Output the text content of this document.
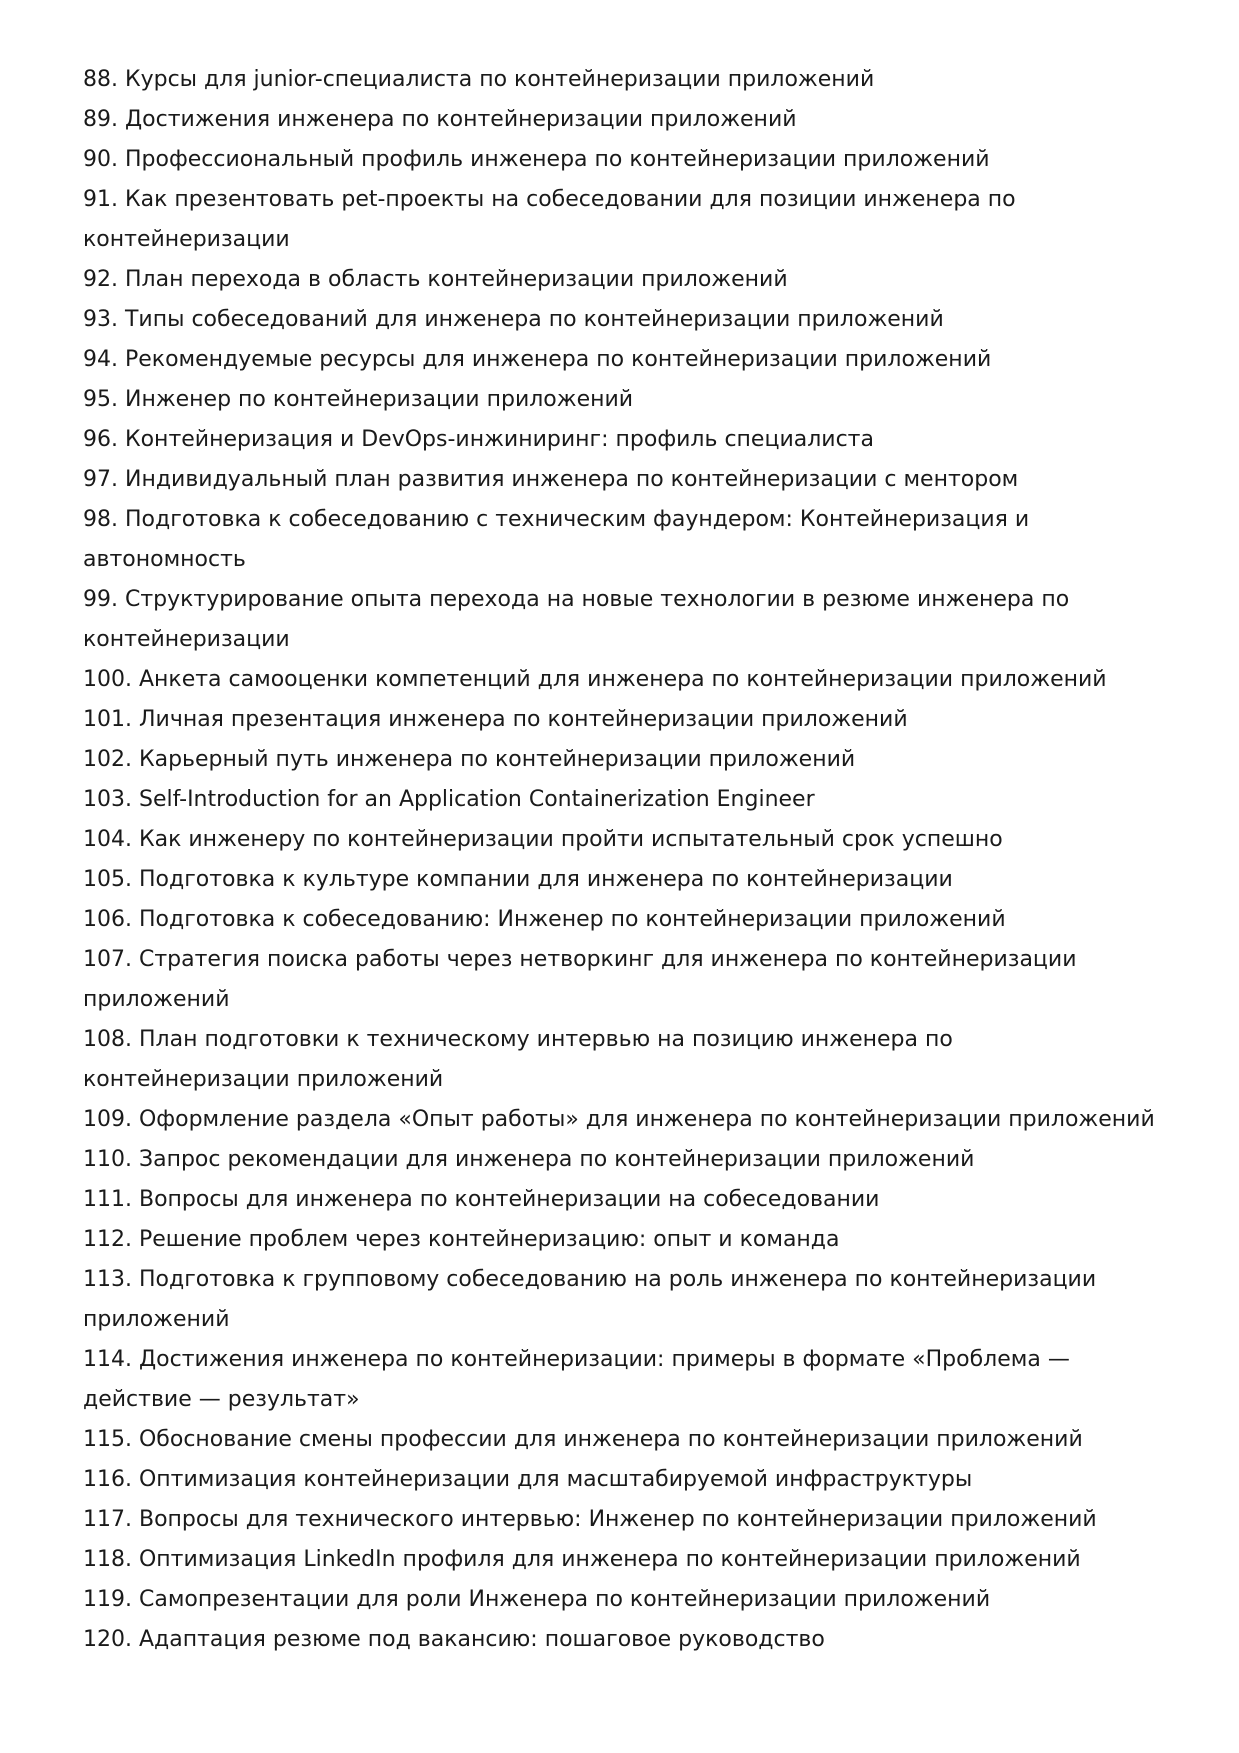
88. Курсы для junior-специалиста по контейнеризации приложений
89. Достижения инженера по контейнеризации приложений
90. Профессиональный профиль инженера по контейнеризации приложений
91. Как презентовать pet-проекты на собеседовании для позиции инженера по контейнеризации
92. План перехода в область контейнеризации приложений
93. Типы собеседований для инженера по контейнеризации приложений
94. Рекомендуемые ресурсы для инженера по контейнеризации приложений
95. Инженер по контейнеризации приложений
96. Контейнеризация и DevOps-инжиниринг: профиль специалиста
97. Индивидуальный план развития инженера по контейнеризации с ментором
98. Подготовка к собеседованию с техническим фаундером: Контейнеризация и автономность
99. Структурирование опыта перехода на новые технологии в резюме инженера по контейнеризации
100. Анкета самооценки компетенций для инженера по контейнеризации приложений
101. Личная презентация инженера по контейнеризации приложений
102. Карьерный путь инженера по контейнеризации приложений
103. Self-Introduction for an Application Containerization Engineer
104. Как инженеру по контейнеризации пройти испытательный срок успешно
105. Подготовка к культуре компании для инженера по контейнеризации
106. Подготовка к собеседованию: Инженер по контейнеризации приложений
107. Стратегия поиска работы через нетворкинг для инженера по контейнеризации приложений
108. План подготовки к техническому интервью на позицию инженера по контейнеризации приложений
109. Оформление раздела «Опыт работы» для инженера по контейнеризации приложений
110. Запрос рекомендации для инженера по контейнеризации приложений
111. Вопросы для инженера по контейнеризации на собеседовании
112. Решение проблем через контейнеризацию: опыт и команда
113. Подготовка к групповому собеседованию на роль инженера по контейнеризации приложений
114. Достижения инженера по контейнеризации: примеры в формате «Проблема — действие — результат»
115. Обоснование смены профессии для инженера по контейнеризации приложений
116. Оптимизация контейнеризации для масштабируемой инфраструктуры
117. Вопросы для технического интервью: Инженер по контейнеризации приложений
118. Оптимизация LinkedIn профиля для инженера по контейнеризации приложений
119. Самопрезентации для роли Инженера по контейнеризации приложений
120. Адаптация резюме под вакансию: пошаговое руководство
